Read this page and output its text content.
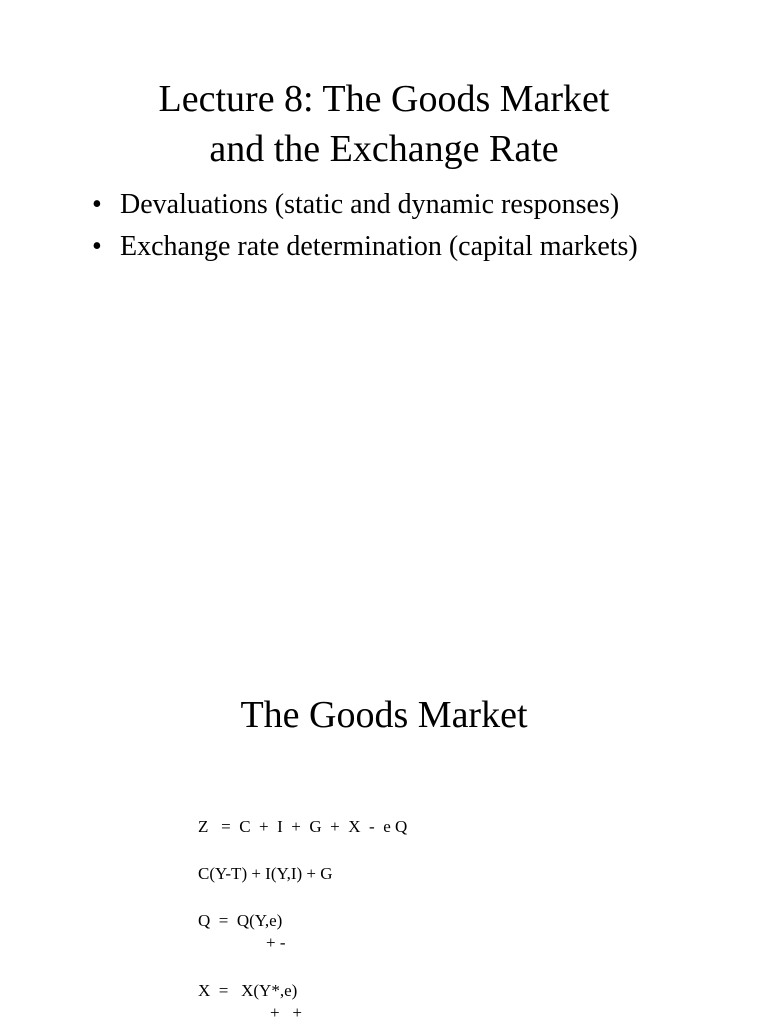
Lecture 8: The Goods Market
and the Exchange Rate
• Devaluations (static and dynamic responses)
• Exchange rate determination (capital markets)
The Goods Market

Z   =  C  +  I  +  G  +  X  -  e Q

C(Y-T) + I(Y,I) + G

Q  =  Q(Y,e)

+ -

X  =   X(Y*,e)

+   +
